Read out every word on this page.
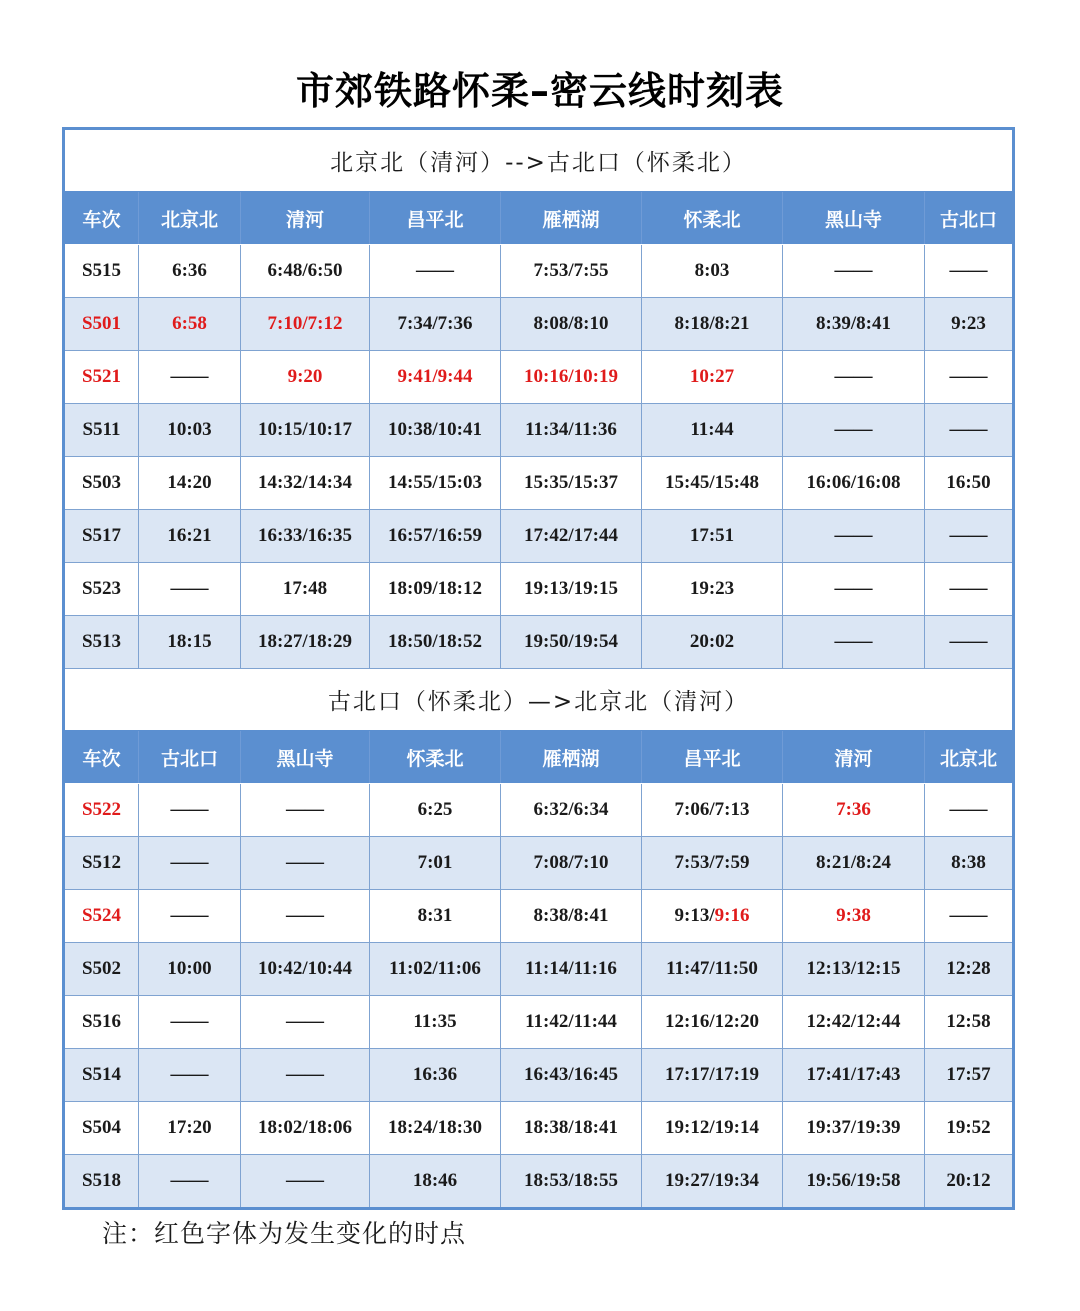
市郊铁路怀柔–密云线时刻表
北京北（清河）-->古北口（怀柔北）							
车次	北京北	清河	昌平北	雁栖湖	怀柔北	黑山寺	古北口
S515	6:36	6:48/6:50	——	7:53/7:55	8:03	——	——
S501	6:58	7:10/7:12	7:34/7:36	8:08/8:10	8:18/8:21	8:39/8:41	9:23
S521	——	9:20	9:41/9:44	10:16/10:19	10:27	——	——
S511	10:03	10:15/10:17	10:38/10:41	11:34/11:36	11:44	——	——
S503	14:20	14:32/14:34	14:55/15:03	15:35/15:37	15:45/15:48	16:06/16:08	16:50
S517	16:21	16:33/16:35	16:57/16:59	17:42/17:44	17:51	——	——
S523	——	17:48	18:09/18:12	19:13/19:15	19:23	——	——
S513	18:15	18:27/18:29	18:50/18:52	19:50/19:54	20:02	——	——
古北口（怀柔北）—>北京北（清河）							
车次	古北口	黑山寺	怀柔北	雁栖湖	昌平北	清河	北京北
S522	——	——	6:25	6:32/6:34	7:06/7:13	7:36	——
S512	——	——	7:01	7:08/7:10	7:53/7:59	8:21/8:24	8:38
S524	——	——	8:31	8:38/8:41	9:13/9:16	9:38	——
S502	10:00	10:42/10:44	11:02/11:06	11:14/11:16	11:47/11:50	12:13/12:15	12:28
S516	——	——	11:35	11:42/11:44	12:16/12:20	12:42/12:44	12:58
S514	——	——	16:36	16:43/16:45	17:17/17:19	17:41/17:43	17:57
S504	17:20	18:02/18:06	18:24/18:30	18:38/18:41	19:12/19:14	19:37/19:39	19:52
S518	——	——	18:46	18:53/18:55	19:27/19:34	19:56/19:58	20:12
注：红色字体为发生变化的时点
